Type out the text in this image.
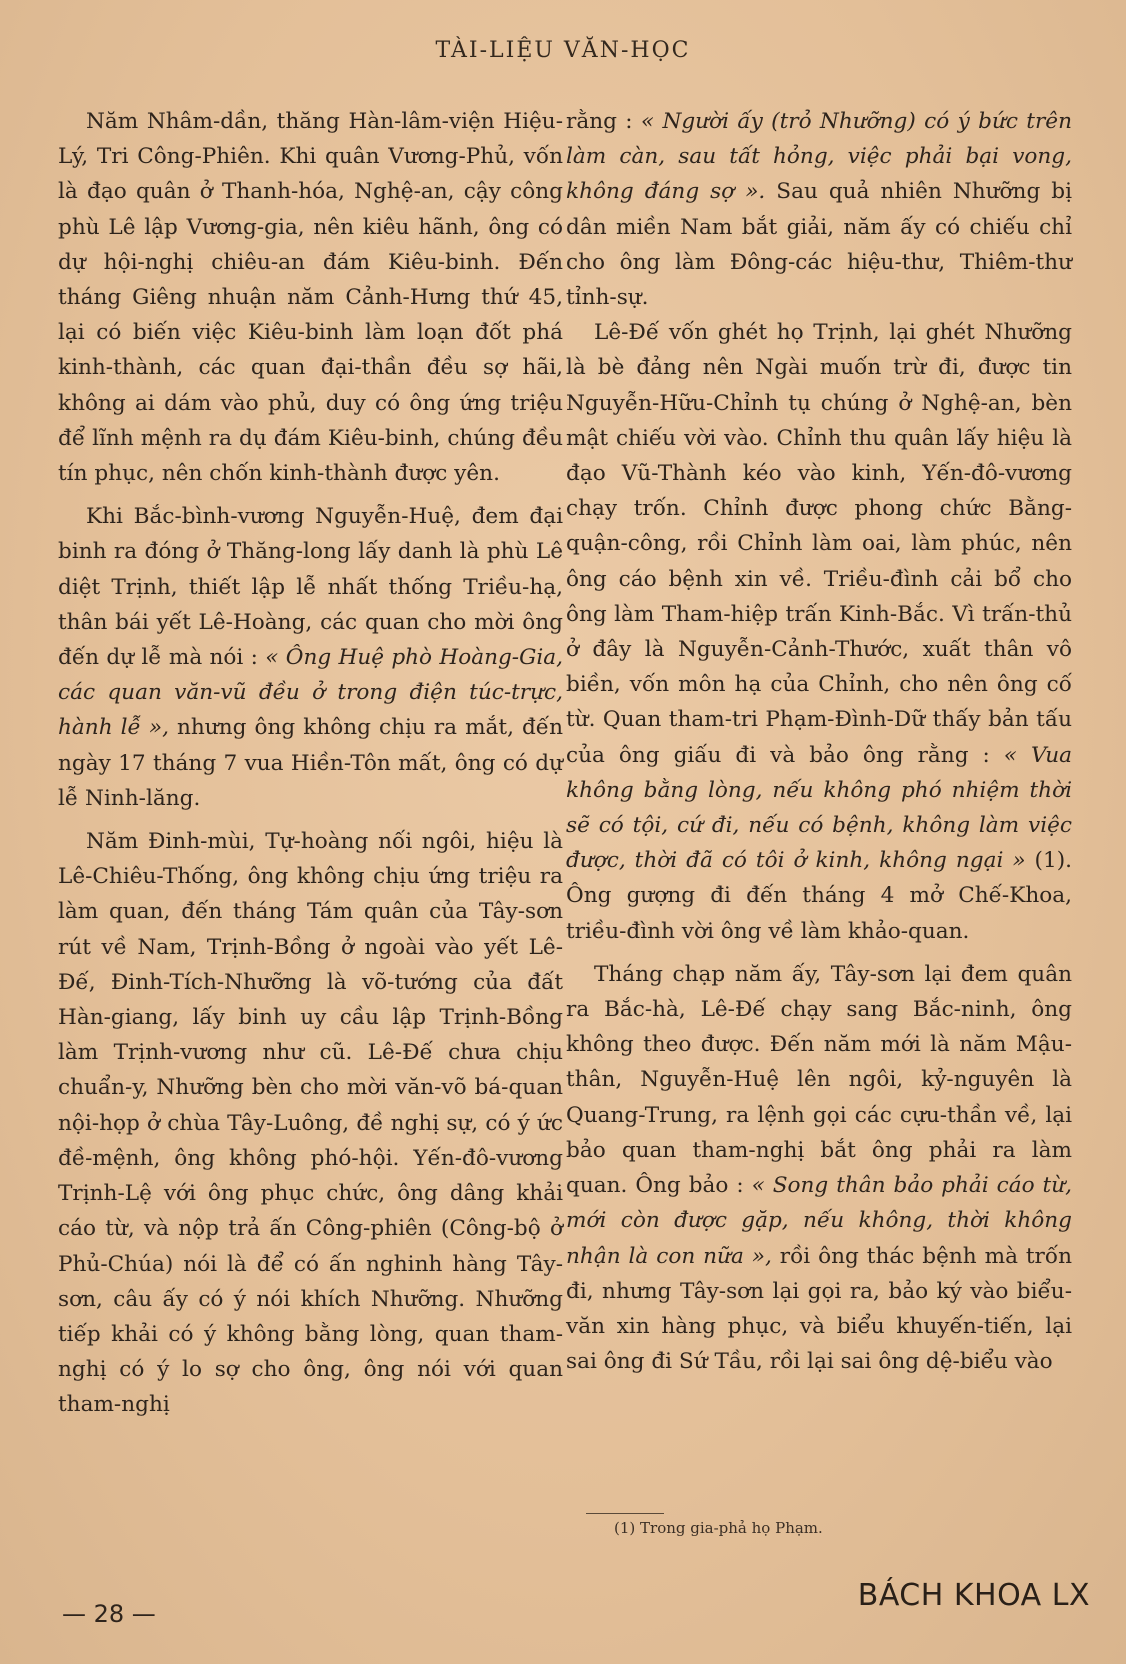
TÀI-LIỆU VĂN-HỌC

Năm Nhâm-dần, thăng Hàn-lâm-viện Hiệu-Lý, Tri Công-Phiên. Khi quân Vương-Phủ, vốn là đạo quân ở Thanh-hóa, Nghệ-an, cậy công phù Lê lập Vương-gia, nên kiêu hãnh, ông có dự hội-nghị chiêu-an đám Kiêu-binh. Đến tháng Giêng nhuận năm Cảnh-Hưng thứ 45, lại có biến việc Kiêu-binh làm loạn đốt phá kinh-thành, các quan đại-thần đều sợ hãi, không ai dám vào phủ, duy có ông ứng triệu để lĩnh mệnh ra dụ đám Kiêu-binh, chúng đều tín phục, nên chốn kinh-thành được yên.

Khi Bắc-bình-vương Nguyễn-Huệ, đem đại binh ra đóng ở Thăng-long lấy danh là phù Lê diệt Trịnh, thiết lập lễ nhất thống Triều-hạ, thân bái yết Lê-Hoàng, các quan cho mời ông đến dự lễ mà nói : « Ông Huệ phò Hoàng-Gia, các quan văn-vũ đều ở trong điện túc-trực, hành lễ », nhưng ông không chịu ra mắt, đến ngày 17 tháng 7 vua Hiền-Tôn mất, ông có dự lễ Ninh-lăng.

Năm Đinh-mùi, Tự-hoàng nối ngôi, hiệu là Lê-Chiêu-Thống, ông không chịu ứng triệu ra làm quan, đến tháng Tám quân của Tây-sơn rút về Nam, Trịnh-Bồng ở ngoài vào yết Lê-Đế, Đinh-Tích-Nhưỡng là võ-tướng của đất Hàn-giang, lấy binh uy cầu lập Trịnh-Bồng làm Trịnh-vương như cũ. Lê-Đế chưa chịu chuẩn-y, Nhưỡng bèn cho mời văn-võ bá-quan nội-họp ở chùa Tây-Luông, đề nghị sự, có ý ức đề-mệnh, ông không phó-hội. Yến-đô-vương Trịnh-Lệ với ông phục chức, ông dâng khải cáo từ, và nộp trả ấn Công-phiên (Công-bộ ở Phủ-Chúa) nói là để có ấn nghinh hàng Tây-sơn, câu ấy có ý nói khích Nhưỡng. Nhưỡng tiếp khải có ý không bằng lòng, quan tham-nghị có ý lo sợ cho ông, ông nói với quan tham-nghị

rằng : « Người ấy (trỏ Nhưỡng) có ý bức trên làm càn, sau tất hỏng, việc phải bại vong, không đáng sợ ». Sau quả nhiên Nhưỡng bị dân miền Nam bắt giải, năm ấy có chiếu chỉ cho ông làm Đông-các hiệu-thư, Thiêm-thư tỉnh-sự.

Lê-Đế vốn ghét họ Trịnh, lại ghét Nhưỡng là bè đảng nên Ngài muốn trừ đi, được tin Nguyễn-Hữu-Chỉnh tụ chúng ở Nghệ-an, bèn mật chiếu vời vào. Chỉnh thu quân lấy hiệu là đạo Vũ-Thành kéo vào kinh, Yến-đô-vương chạy trốn. Chỉnh được phong chức Bằng-quận-công, rồi Chỉnh làm oai, làm phúc, nên ông cáo bệnh xin về. Triều-đình cải bổ cho ông làm Tham-hiệp trấn Kinh-Bắc. Vì trấn-thủ ở đây là Nguyễn-Cảnh-Thước, xuất thân vô biền, vốn môn hạ của Chỉnh, cho nên ông cố từ. Quan tham-tri Phạm-Đình-Dữ thấy bản tấu của ông giấu đi và bảo ông rằng : « Vua không bằng lòng, nếu không phó nhiệm thời sẽ có tội, cứ đi, nếu có bệnh, không làm việc được, thời đã có tôi ở kinh, không ngại » (1). Ông gượng đi đến tháng 4 mở Chế-Khoa, triều-đình vời ông về làm khảo-quan.

Tháng chạp năm ấy, Tây-sơn lại đem quân ra Bắc-hà, Lê-Đế chạy sang Bắc-ninh, ông không theo được. Đến năm mới là năm Mậu-thân, Nguyễn-Huệ lên ngôi, kỷ-nguyên là Quang-Trung, ra lệnh gọi các cựu-thần về, lại bảo quan tham-nghị bắt ông phải ra làm quan. Ông bảo : « Song thân bảo phải cáo từ, mới còn được gặp, nếu không, thời không nhận là con nữa », rồi ông thác bệnh mà trốn đi, nhưng Tây-sơn lại gọi ra, bảo ký vào biểu-văn xin hàng phục, và biểu khuyến-tiến, lại sai ông đi Sứ Tầu, rồi lại sai ông dệ-biểu vào

(1) Trong gia-phả họ Phạm.
— 28 —
BÁCH KHOA LX
